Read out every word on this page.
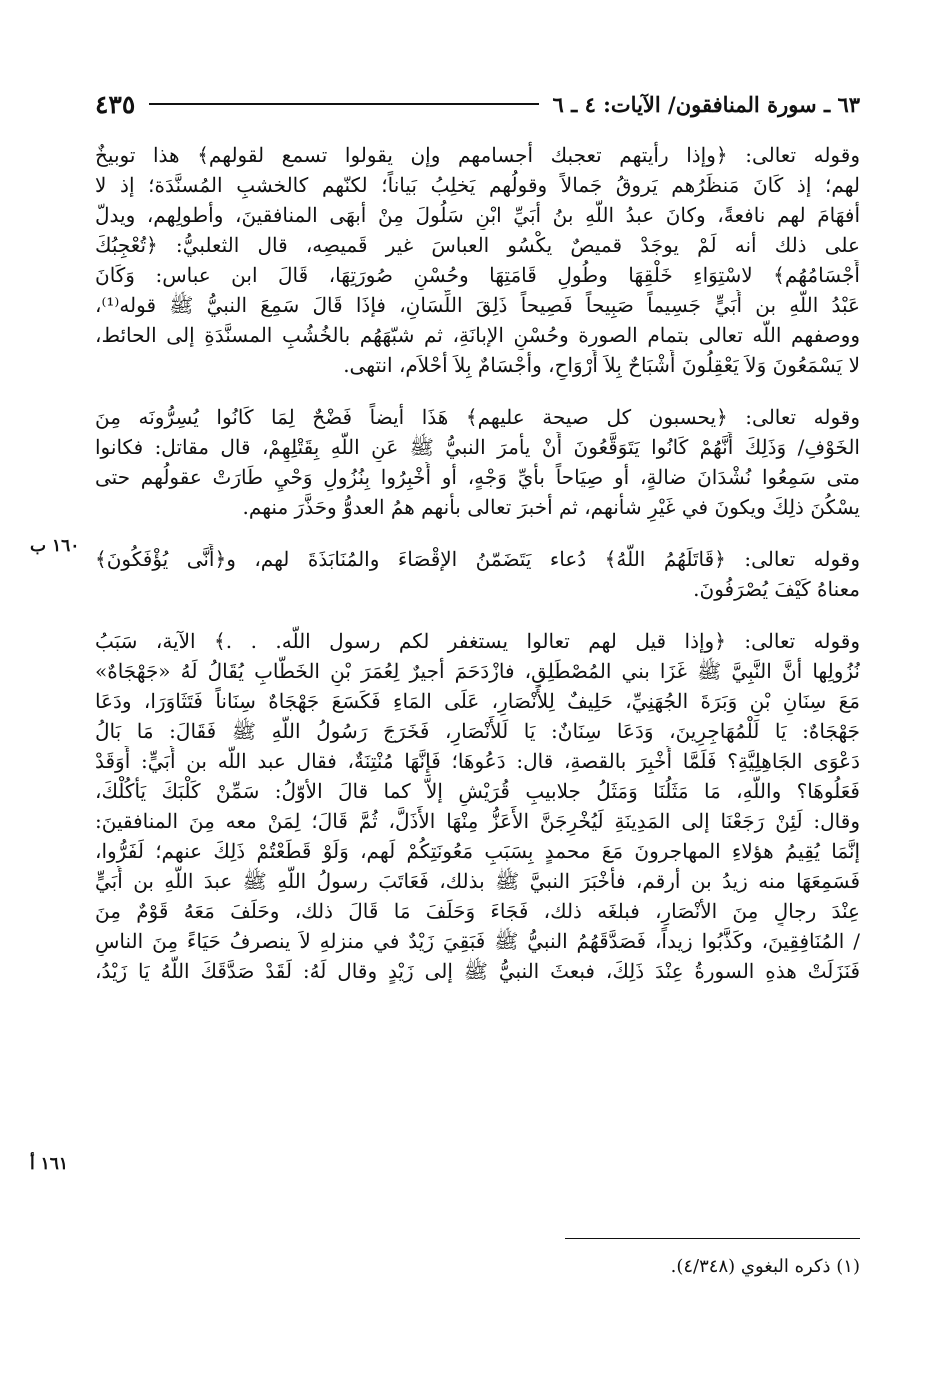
٤٣٥	٦٣ ـ سورة المنافقون/ الآيات: ٤ ـ ٦
وقوله تعالى: ﴿وإذا رأيتهم تعجبك أجسامهم وإن يقولوا تسمع لقولهم﴾ هذا توبيخٌ
لهم؛ إذ كَانَ مَنظَرُهم يَروقُ جَمالاً وقولُهم يَخلِبُ بَياناً؛ لكنّهم كالخشبِ المُسنَّدَة؛ إذ لا
أفهَامَ لهم نافعةً، وكانَ عبدُ اللّهِ بنُ أبَيِّ ابْنِ سَلُولَ مِنْ أبهَى المنافقينَ، وأطولِهم، ويدلّ
على ذلك أنه لَمْ يوجَدْ قميصٌ يكْسُو العباسَ غير قَميصِه، قال الثعلبيُّ: ﴿تُعْجِبُكَ
أَجْسَامُهُم﴾ لاسْتِوَاءِ خَلْقِهَا وطُولِ قَامَتِهَا وحُسْنِ صُورَتِهَا، قَالَ ابن عباس: وَكَانَ
عَبْدُ اللّهِ بن أُبَيٍّ جَسِيماً صَبِيحاً فَصِيحاً ذَلِقَ اللِّسَانِ، فإذَا قَالَ سَمِعَ النبيُّ ﷺ قوله⁽¹⁾،
ووصفهم اللّه تعالى بتمام الصورة وحُسْنِ الإبانَةِ، ثم شبّهَهُم بالخُشُبِ المسنَّدَةِ إلى الحائط،
لا يَسْمَعُونَ وَلاَ يَعْقِلُونَ أَشْبَاحٌ بِلاَ أَرْوَاحٍ، وأجْسَامٌ بِلاَ أحْلاَم، انتهى.
وقوله تعالى: ﴿يحسبون كل صيحة عليهم﴾ هَذَا أيضاً فَضْحٌ لِمَا كَانُوا يُسِرُّونَه مِنَ
الخَوْفِ/ وَذَلِكَ أَنَّهُمْ كَانُوا يَتَوَقَّعُونَ أَنْ يأمرَ النبيُّ ﷺ عَنِ اللّهِ بِقَتْلِهِمْ، قال مقاتل: فكانوا
متى سَمِعُوا نُشْدَانَ ضالةٍ، أو صِيَاحاً بأيِّ وَجْهٍ، أو أُخْبِرُوا بِنُزُولِ وَحْيٍ طَارَتْ عقولُهم حتى
يسْكُنَ ذلِكَ ويكونَ في غَيْرِ شأنهم، ثم أخبرَ تعالى بأنهم همُ العدوُّ وحَذَّرَ منهم.
وقوله تعالى: ﴿قَاتَلَهُمُ اللّهُ﴾ دُعاء يَتَضَمّنُ الإقْصَاءَ والمُنَابَذَةَ لهم، و﴿أَنَّى يُؤْفَكُونَ﴾
معناهُ كَيْفَ يُصْرَفُونَ.
وقوله تعالى: ﴿وإذا قيل لهم تعالوا يستغفر لكم رسول اللّه. . .﴾ الآية، سَبَبُ
نُزُولِها أنَّ النَّبِيَّ ﷺ غَزَا بني المُصْطَلِقِ، فازْدَحَمَ أجيرٌ لِعُمَرَ بْنِ الخَطَّابِ يُقَالُ لَهُ «جَهْجَاهٌ»
مَعَ سِنَانِ بْنِ وَبَرَةَ الجُهَنِيِّ، حَلِيفٌ لِلأَنْصَارِ، عَلَى المَاءِ فَكَسَعَ جَهْجَاهٌ سِنَاناً فَتَثَاوَرَا، ودَعَا
جَهْجَاهٌ: يَا لَلْمُهَاجِرِينَ، وَدَعَا سِنَانٌ: يَا لَلأَنْصَارِ، فَخَرَجَ رَسُولُ اللّهِ ﷺ فَقَالَ: مَا بَالُ
دَعْوَى الجَاهِلِيَّةِ؟ فَلَمَّا أُخْبِرَ بالقصةِ، قال: دَعُوهَا؛ فَإِنَّهَا مُنْتِنَةٌ، فقال عبد اللّه بن أُبَيٍّ: أَوَقَدْ
فَعَلُوهَا؟ واللّهِ، مَا مَثَلُنَا وَمَثَلُ جلابيبِ قُرَيْشٍ إلاّ كما قالَ الأوّلُ: سَمِّنْ كَلْبَكَ يَأْكُلْكَ،
وقال: لَئِنْ رَجَعْنَا إلى المَدِينَةِ لَيُخْرِجَنَّ الأَعَزُّ مِنْهَا الأَذَلَّ، ثُمَّ قَالَ؛ لِمَنْ معه مِنَ المنافقينَ:
إنَّمَا يُقِيمُ هؤلاءِ المهاجرونَ مَعَ محمدٍ بِسَبَبِ مَعُونَتِكُمْ لَهم، وَلَوْ قَطَعْتُمْ ذَلِكَ عنهم؛ لَفَرُّوا،
فَسَمِعَهَا منه زيدُ بن أرقم، فأَخْبَرَ النبيَّ ﷺ بذلك، فَعَاتَبَ رسولُ اللّهِ ﷺ عبدَ اللّهِ بن أُبَيٍّ
عِنْدَ رجالٍ مِنَ الأنْصَارِ، فبلغَه ذلك، فَجَاءَ وَحَلَفَ مَا قَالَ ذلك، وحَلَفَ مَعَهُ قَوْمٌ مِنَ
/ المُنَافِقِينَ، وكَذَّبُوا زيداً، فَصَدَّقَهُمُ النبيُّ ﷺ فَبَقِيَ زَيْدٌ في منزلهِ لاَ ينصرفُ حَيَاءً مِنَ الناسِ
فَنَزَلَتْ هذهِ السورةُ عِنْدَ ذَلِكَ، فبعثَ النبيُّ ﷺ إلى زَيْدٍ وقال لَهُ: لَقَدْ صَدَّقَكَ اللّهُ يَا زَيْدُ،
١٦٠ ب
١٦١ أ
(١) ذكره البغوي (٤/٣٤٨).
